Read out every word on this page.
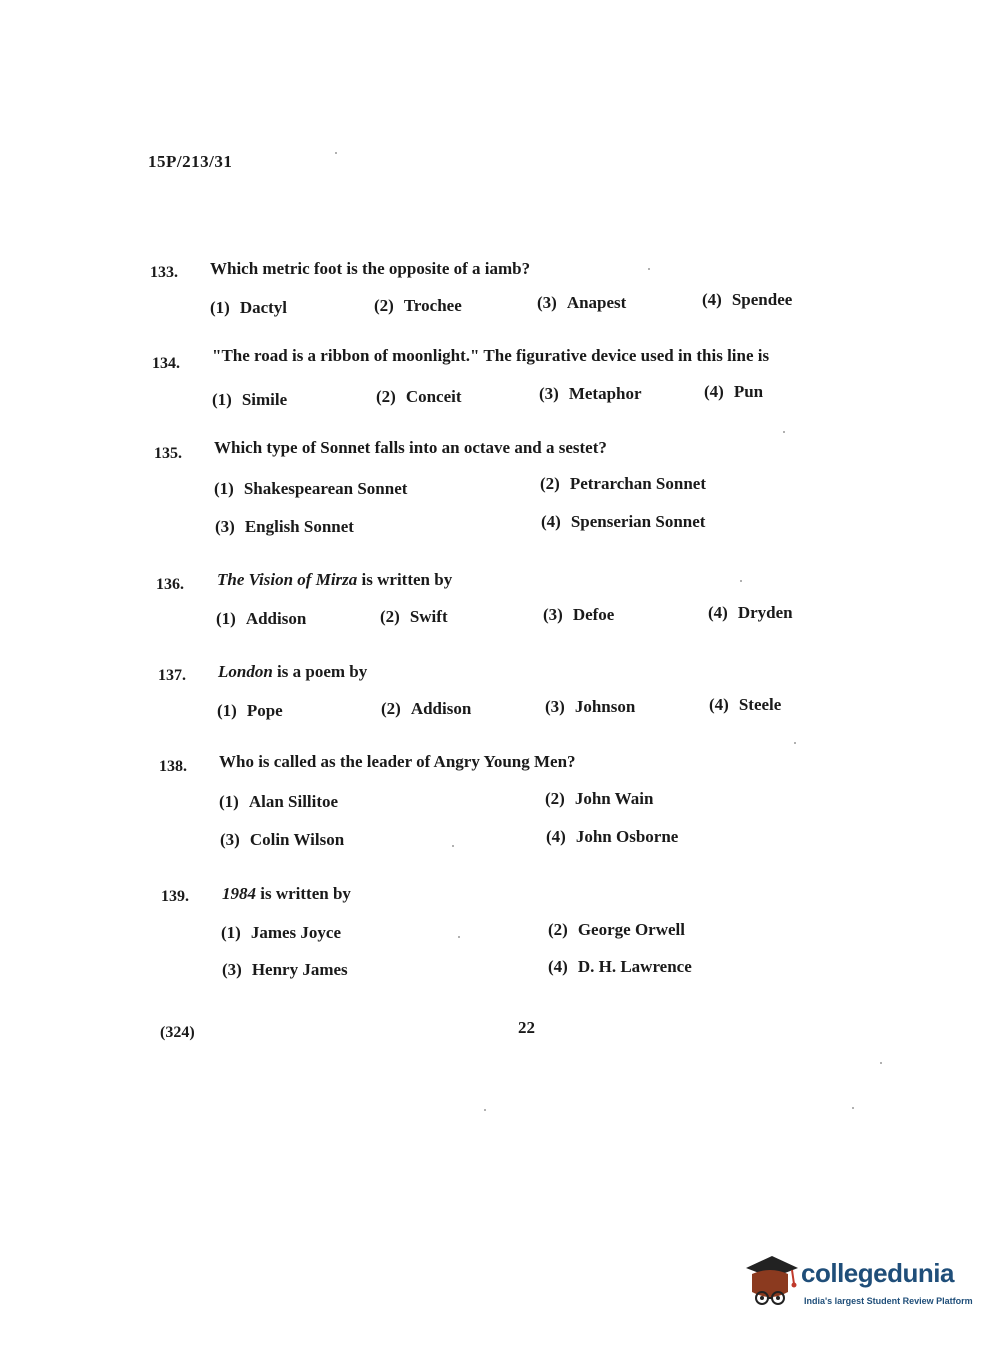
15P/213/31
133. Which metric foot is the opposite of a iamb?
(1) Dactyl	(2) Trochee	(3) Anapest	(4) Spendee
134. "The road is a ribbon of moonlight." The figurative device used in this line is
(1) Simile	(2) Conceit	(3) Metaphor	(4) Pun
135. Which type of Sonnet falls into an octave and a sestet?
(1) Shakespearean Sonnet	(2) Petrarchan Sonnet
(3) English Sonnet	(4) Spenserian Sonnet
136. The Vision of Mirza is written by
(1) Addison	(2) Swift	(3) Defoe	(4) Dryden
137. London is a poem by
(1) Pope	(2) Addison	(3) Johnson	(4) Steele
138. Who is called as the leader of Angry Young Men?
(1) Alan Sillitoe	(2) John Wain
(3) Colin Wilson	(4) John Osborne
139. 1984 is written by
(1) James Joyce	(2) George Orwell
(3) Henry James	(4) D. H. Lawrence
(324)	22
collegedunia
India's largest Student Review Platform
